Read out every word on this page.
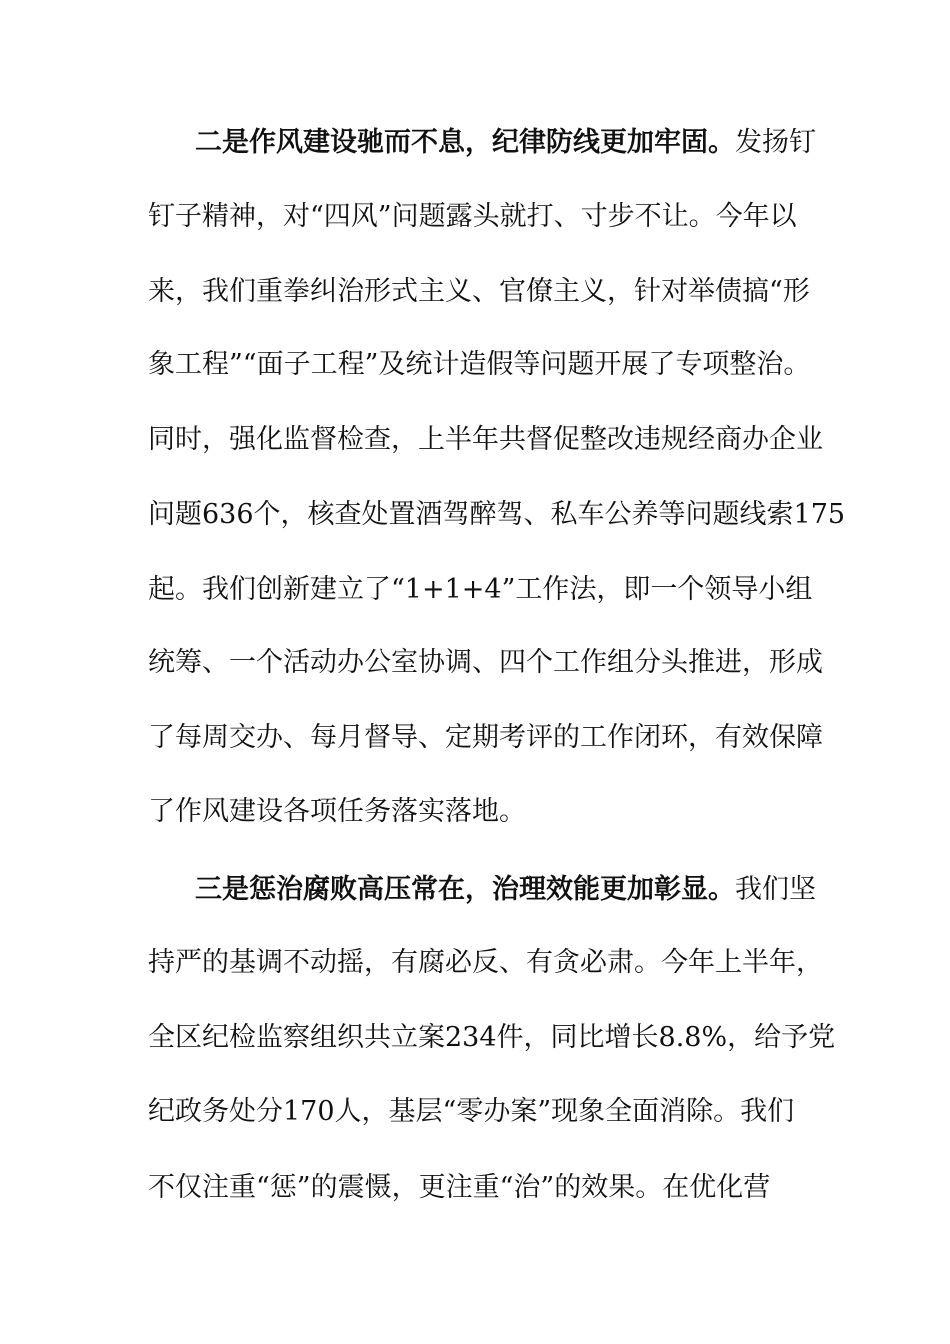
二是作风建设驰而不息，纪律防线更加牢固。发扬钉
钉子精神，对“四风”问题露头就打、寸步不让。今年以
来，我们重拳纠治形式主义、官僚主义，针对举债搞“形
象工程”“面子工程”及统计造假等问题开展了专项整治。
同时，强化监督检查，上半年共督促整改违规经商办企业
问题636个，核查处置酒驾醉驾、私车公养等问题线索175
起。我们创新建立了“1+1+4”工作法，即一个领导小组
统筹、一个活动办公室协调、四个工作组分头推进，形成
了每周交办、每月督导、定期考评的工作闭环，有效保障
了作风建设各项任务落实落地。
三是惩治腐败高压常在，治理效能更加彰显。我们坚
持严的基调不动摇，有腐必反、有贪必肃。今年上半年，
全区纪检监察组织共立案234件，同比增长8.8%，给予党
纪政务处分170人，基层“零办案”现象全面消除。我们
不仅注重“惩”的震慑，更注重“治”的效果。在优化营
